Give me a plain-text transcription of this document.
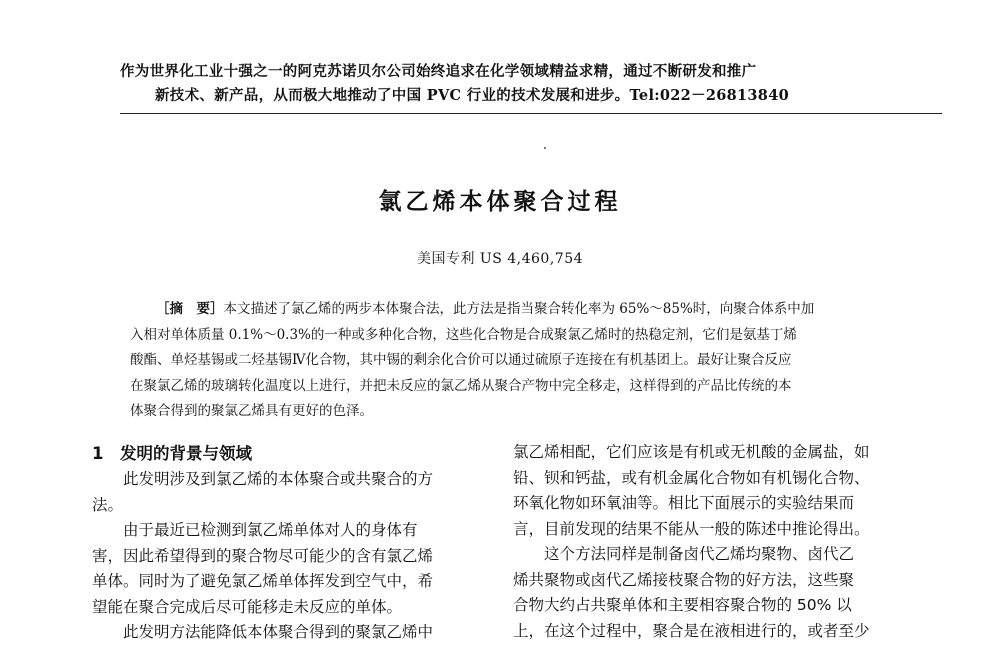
作为世界化工业十强之一的阿克苏诺贝尔公司始终追求在化学领域精益求精，通过不断研发和推广
新技术、新产品，从而极大地推动了中国 PVC 行业的技术发展和进步。Tel:022－26813840
氯乙烯本体聚合过程
美国专利 US 4,460,754
［摘　要］本文描述了氯乙烯的两步本体聚合法，此方法是指当聚合转化率为 65%～85%时，向聚合体系中加
入相对单体质量 0.1%～0.3%的一种或多种化合物，这些化合物是合成聚氯乙烯时的热稳定剂，它们是氨基丁烯
酸酯、单烃基锡或二烃基锡Ⅳ化合物，其中锡的剩余化合价可以通过硫原子连接在有机基团上。最好让聚合反应
在聚氯乙烯的玻璃转化温度以上进行，并把未反应的氯乙烯从聚合产物中完全移走，这样得到的产品比传统的本
体聚合得到的聚氯乙烯具有更好的色泽。
1 发明的背景与领域
此发明涉及到氯乙烯的本体聚合或共聚合的方
法。
由于最近已检测到氯乙烯单体对人的身体有
害，因此希望得到的聚合物尽可能少的含有氯乙烯
单体。同时为了避免氯乙烯单体挥发到空气中，希
望能在聚合完成后尽可能移走未反应的单体。
此发明方法能降低本体聚合得到的聚氯乙烯中
氯乙烯相配，它们应该是有机或无机酸的金属盐，如
铅、钡和钙盐，或有机金属化合物如有机锡化合物、
环氧化物如环氧油等。相比下面展示的实验结果而
言，目前发现的结果不能从一般的陈述中推论得出。
这个方法同样是制备卤代乙烯均聚物、卤代乙
烯共聚物或卤代乙烯接枝聚合物的好方法，这些聚
合物大约占共聚单体和主要相容聚合物的 50% 以
上，在这个过程中，聚合是在液相进行的，或者至少
